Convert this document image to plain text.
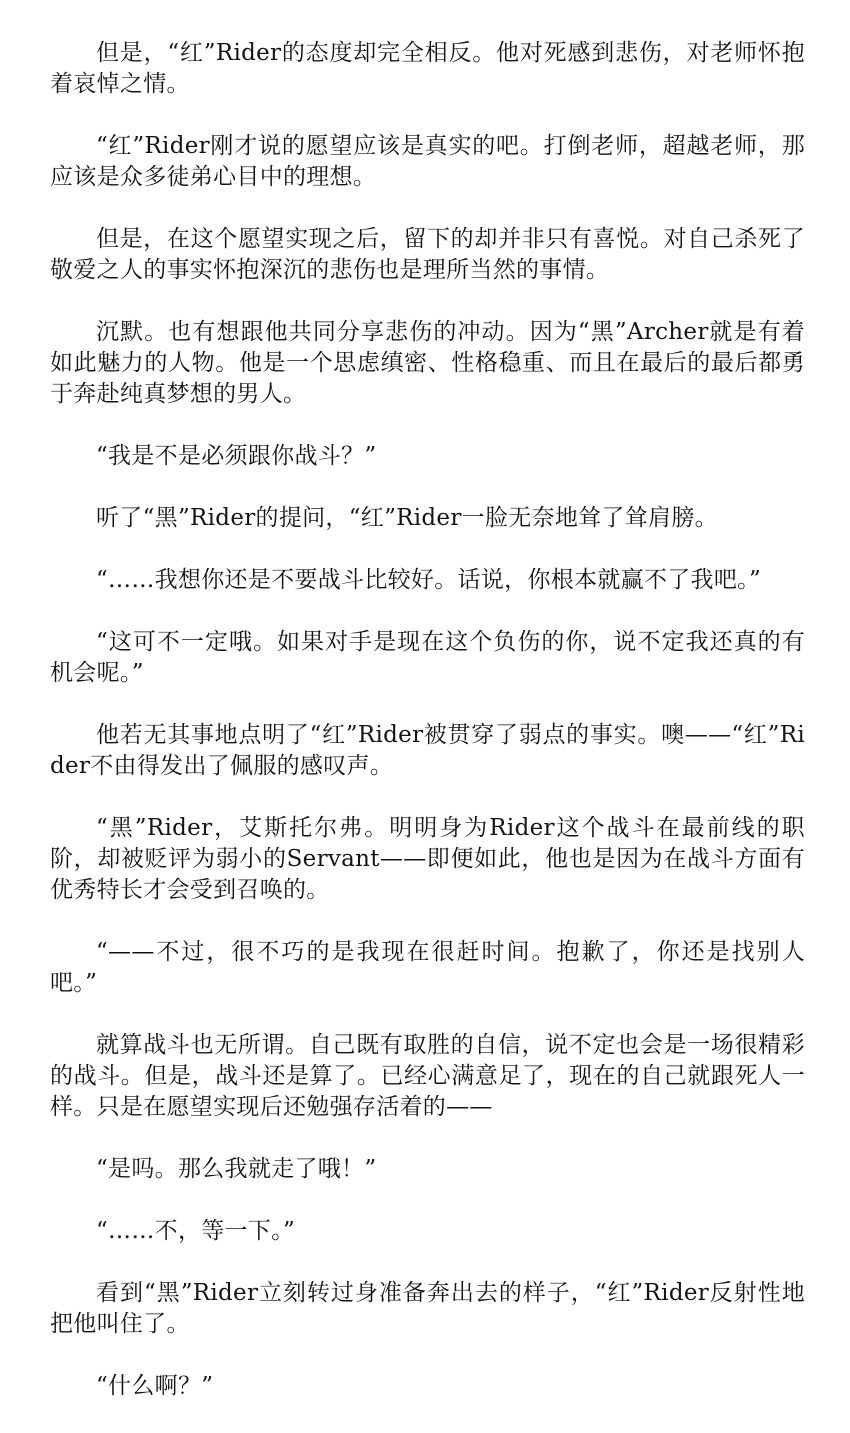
但是，“红”Rider的态度却完全相反。他对死感到悲伤，对老师怀抱着哀悼之情。

“红”Rider刚才说的愿望应该是真实的吧。打倒老师，超越老师，那应该是众多徒弟心目中的理想。

但是，在这个愿望实现之后，留下的却并非只有喜悦。对自己杀死了敬爱之人的事实怀抱深沉的悲伤也是理所当然的事情。

沉默。也有想跟他共同分享悲伤的冲动。因为“黑”Archer就是有着如此魅力的人物。他是一个思虑缜密、性格稳重、而且在最后的最后都勇于奔赴纯真梦想的男人。

“我是不是必须跟你战斗？”

听了“黑”Rider的提问，“红”Rider一脸无奈地耸了耸肩膀。

“……我想你还是不要战斗比较好。话说，你根本就赢不了我吧。”

“这可不一定哦。如果对手是现在这个负伤的你，说不定我还真的有机会呢。”

他若无其事地点明了“红”Rider被贯穿了弱点的事实。噢——“红”Rider不由得发出了佩服的感叹声。

“黑”Rider，艾斯托尔弗。明明身为Rider这个战斗在最前线的职阶，却被贬评为弱小的Servant——即便如此，他也是因为在战斗方面有优秀特长才会受到召唤的。

“——不过，很不巧的是我现在很赶时间。抱歉了，你还是找别人吧。”

就算战斗也无所谓。自己既有取胜的自信，说不定也会是一场很精彩的战斗。但是，战斗还是算了。已经心满意足了，现在的自己就跟死人一样。只是在愿望实现后还勉强存活着的——

“是吗。那么我就走了哦！”

“……不，等一下。”

看到“黑”Rider立刻转过身准备奔出去的样子，“红”Rider反射性地把他叫住了。

“什么啊？”
